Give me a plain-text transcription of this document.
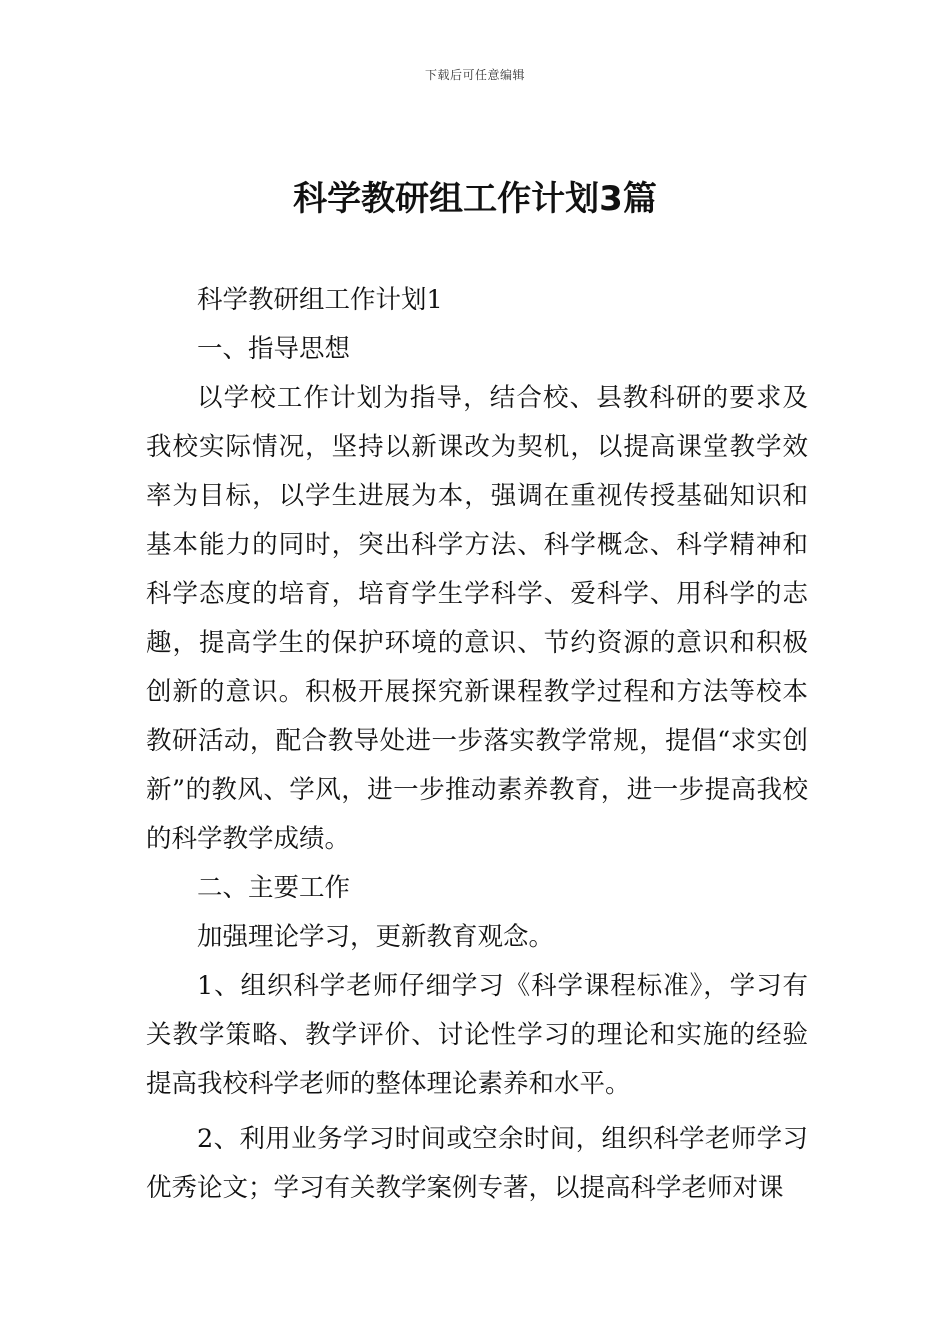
下载后可任意编辑
科学教研组工作计划3篇

科学教研组工作计划1

一、指导思想

以学校工作计划为指导，结合校、县教科研的要求及我校实际情况，坚持以新课改为契机，以提高课堂教学效率为目标，以学生进展为本，强调在重视传授基础知识和基本能力的同时，突出科学方法、科学概念、科学精神和科学态度的培育，培育学生学科学、爱科学、用科学的志趣，提高学生的保护环境的意识、节约资源的意识和积极创新的意识。积极开展探究新课程教学过程和方法等校本教研活动，配合教导处进一步落实教学常规，提倡“求实创新”的教风、学风，进一步推动素养教育，进一步提高我校的科学教学成绩。

二、主要工作

加强理论学习，更新教育观念。

1、组织科学老师仔细学习《科学课程标准》，学习有关教学策略、教学评价、讨论性学习的理论和实施的经验提高我校科学老师的整体理论素养和水平。

2、利用业务学习时间或空余时间，组织科学老师学习优秀论文；学习有关教学案例专著，以提高科学老师对课
